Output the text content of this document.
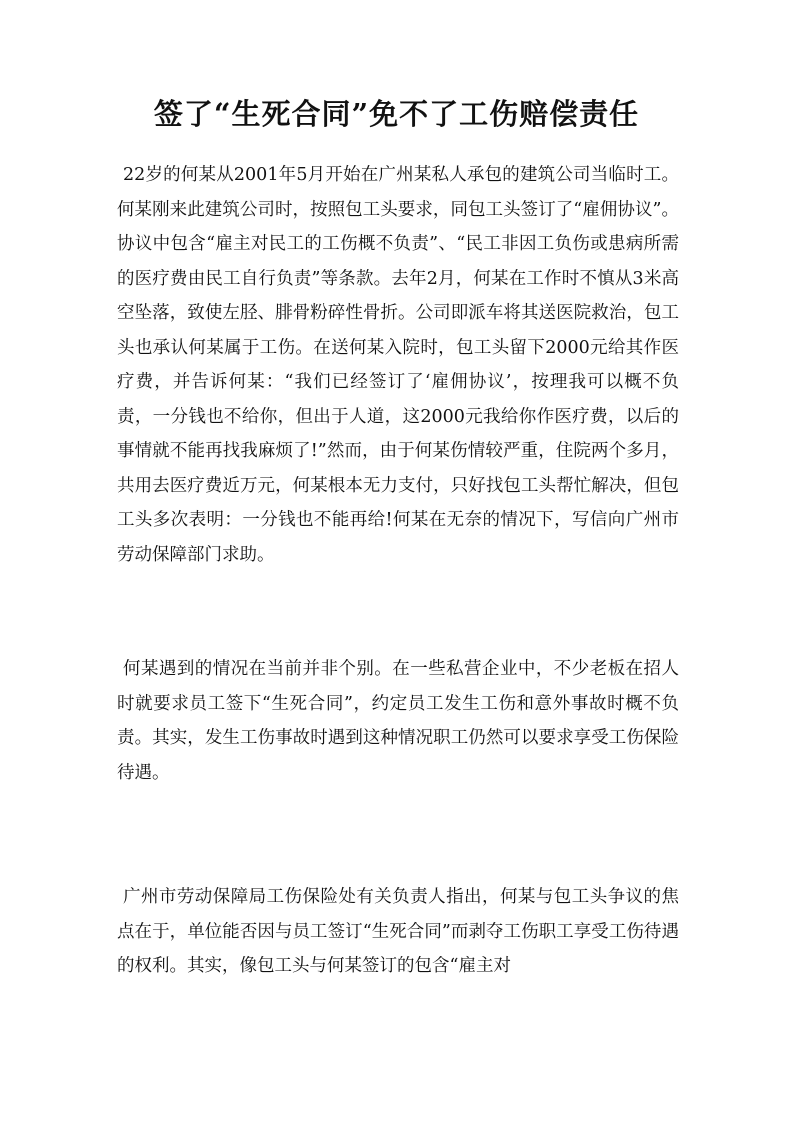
签了“生死合同”免不了工伤赔偿责任

22岁的何某从2001年5月开始在广州某私人承包的建筑公司当临时工。何某刚来此建筑公司时，按照包工头要求，同包工头签订了“雇佣协议”。协议中包含“雇主对民工的工伤概不负责”、“民工非因工负伤或患病所需的医疗费由民工自行负责”等条款。去年2月，何某在工作时不慎从3米高空坠落，致使左胫、腓骨粉碎性骨折。公司即派车将其送医院救治，包工头也承认何某属于工伤。在送何某入院时，包工头留下2000元给其作医疗费，并告诉何某：“我们已经签订了‘雇佣协议’，按理我可以概不负责，一分钱也不给你，但出于人道，这2000元我给你作医疗费，以后的事情就不能再找我麻烦了!”然而，由于何某伤情较严重，住院两个多月，共用去医疗费近万元，何某根本无力支付，只好找包工头帮忙解决，但包工头多次表明：一分钱也不能再给!何某在无奈的情况下，写信向广州市劳动保障部门求助。

何某遇到的情况在当前并非个别。在一些私营企业中，不少老板在招人时就要求员工签下“生死合同”，约定员工发生工伤和意外事故时概不负责。其实，发生工伤事故时遇到这种情况职工仍然可以要求享受工伤保险待遇。

广州市劳动保障局工伤保险处有关负责人指出，何某与包工头争议的焦点在于，单位能否因与员工签订“生死合同”而剥夺工伤职工享受工伤待遇的权利。其实，像包工头与何某签订的包含“雇主对
